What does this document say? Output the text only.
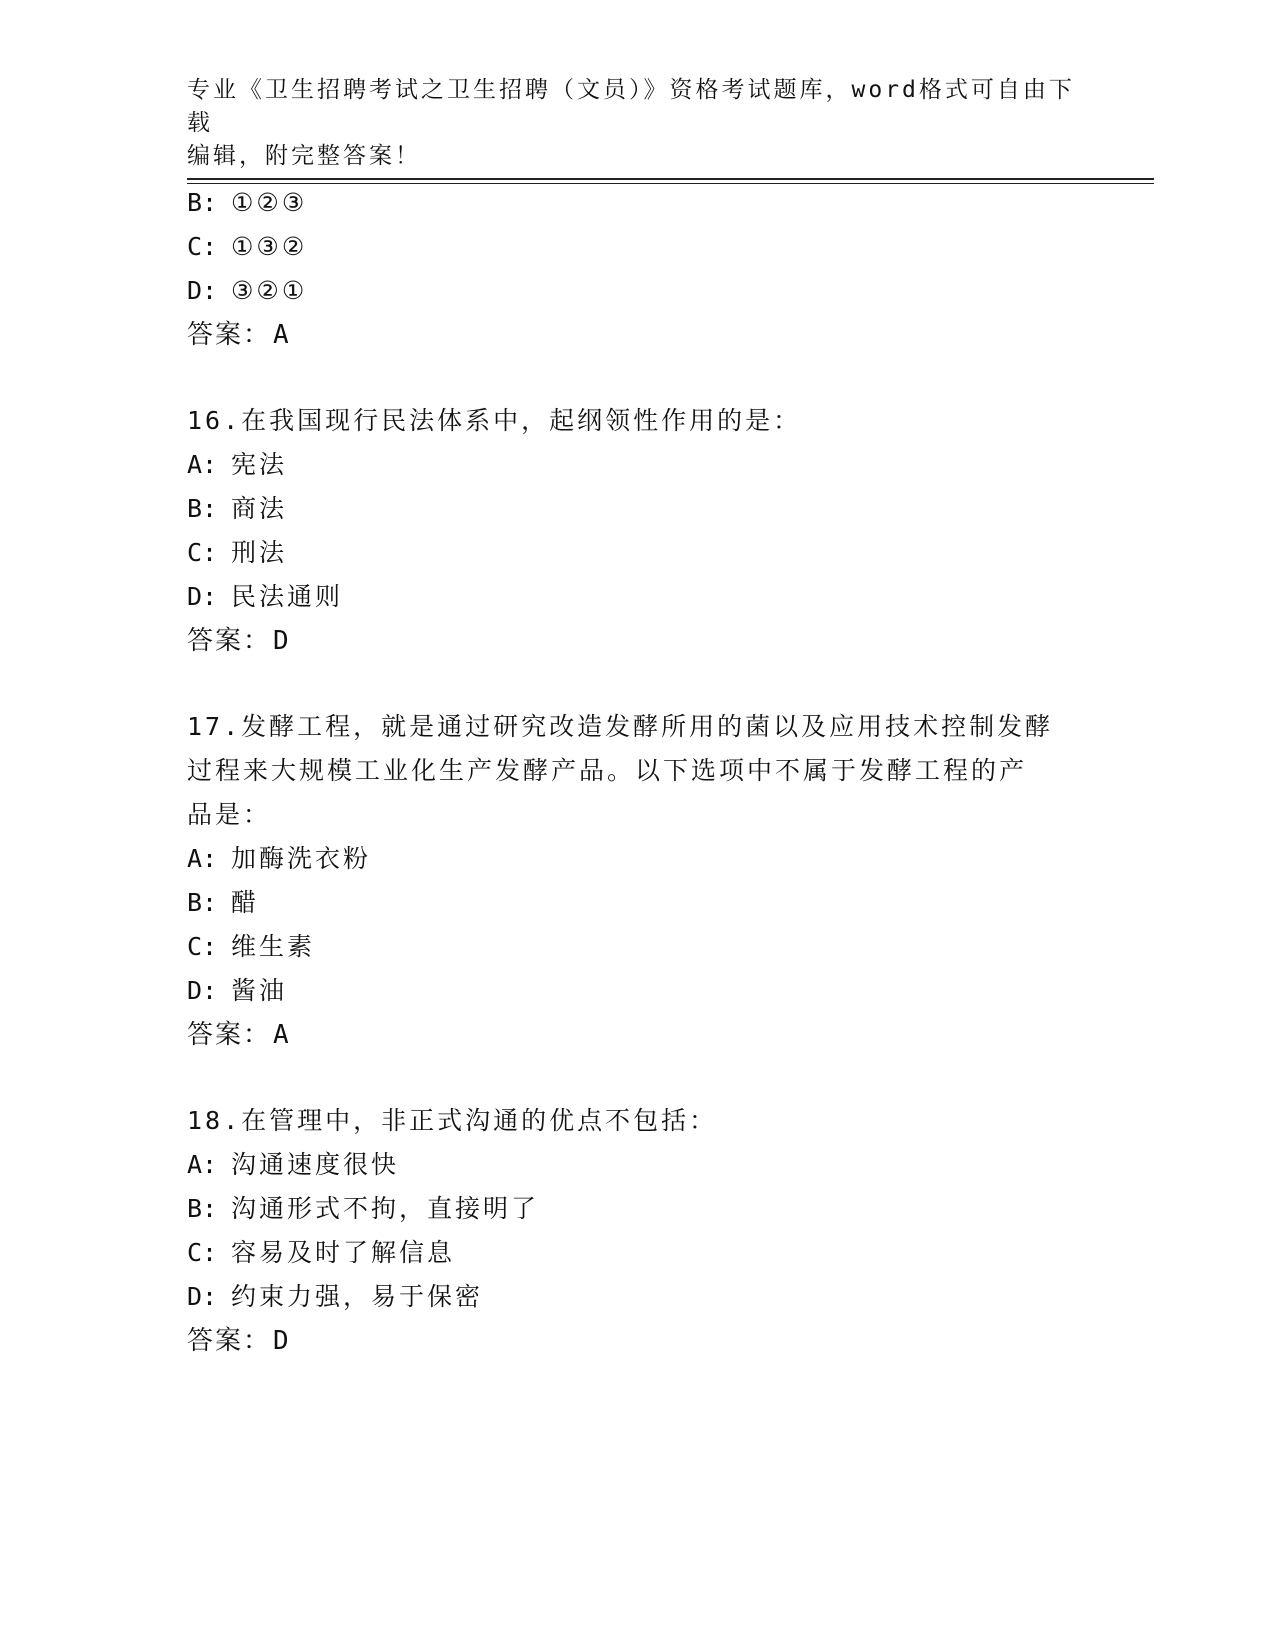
专业《卫生招聘考试之卫生招聘（文员）》资格考试题库，word格式可自由下载
编辑，附完整答案！
B: ①②③
C: ①③②
D: ③②①
答案：A
16.在我国现行民法体系中，起纲领性作用的是：
A: 宪法
B: 商法
C: 刑法
D: 民法通则
答案：D
17.发酵工程，就是通过研究改造发酵所用的菌以及应用技术控制发酵
过程来大规模工业化生产发酵产品。以下选项中不属于发酵工程的产
品是：
A: 加酶洗衣粉
B: 醋
C: 维生素
D: 酱油
答案：A
18.在管理中，非正式沟通的优点不包括：
A: 沟通速度很快
B: 沟通形式不拘，直接明了
C: 容易及时了解信息
D: 约束力强，易于保密
答案：D
